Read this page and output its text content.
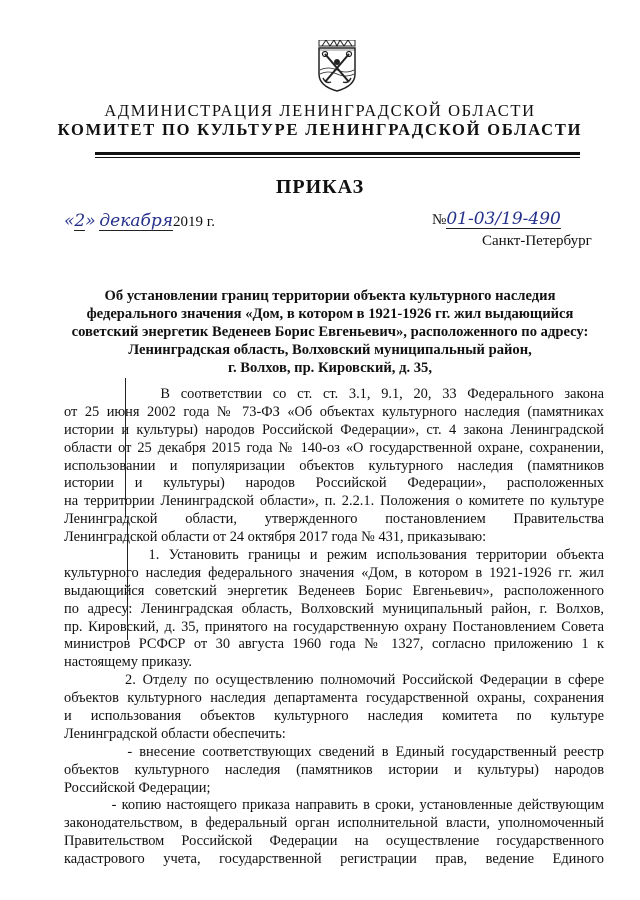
АДМИНИСТРАЦИЯ ЛЕНИНГРАДСКОЙ ОБЛАСТИ
КОМИТЕТ ПО КУЛЬТУРЕ ЛЕНИНГРАДСКОЙ ОБЛАСТИ
ПРИКАЗ
«2» декабря2019 г.	№01-03/19-490
Санкт-Петербург
Об установлении границ территории объекта культурного наследия
федерального значения «Дом, в котором в 1921-1926 гг. жил выдающийся
советский энергетик Веденеев Борис Евгеньевич», расположенного по адресу:
Ленинградская область, Волховский муниципальный район,
г. Волхов, пр. Кировский, д. 35,
В соответствии со ст. ст. 3.1, 9.1, 20, 33 Федерального закона
от 25 июня 2002 года № 73-ФЗ «Об объектах культурного наследия (памятниках
истории и культуры) народов Российской Федерации», ст. 4 закона Ленинградской
области от 25 декабря 2015 года № 140-оз «О государственной охране, сохранении,
использовании и популяризации объектов культурного наследия (памятников
истории и культуры) народов Российской Федерации», расположенных
на территории Ленинградской области», п. 2.2.1. Положения о комитете по культуре
Ленинградской области, утвержденного постановлением Правительства
Ленинградской области от 24 октября 2017 года № 431, приказываю:
1. Установить границы и режим использования территории объекта
культурного наследия федерального значения «Дом, в котором в 1921-1926 гг. жил
выдающийся советский энергетик Веденеев Борис Евгеньевич», расположенного
по адресу: Ленинградская область, Волховский муниципальный район, г. Волхов,
пр. Кировский, д. 35, принятого на государственную охрану Постановлением Совета
министров РСФСР от 30 августа 1960 года № 1327, согласно приложению 1 к
настоящему приказу.
2. Отделу по осуществлению полномочий Российской Федерации в сфере
объектов культурного наследия департамента государственной охраны, сохранения
и использования объектов культурного наследия комитета по культуре
Ленинградской области обеспечить:
- внесение соответствующих сведений в Единый государственный реестр
объектов культурного наследия (памятников истории и культуры) народов
Российской Федерации;
- копию настоящего приказа направить в сроки, установленные действующим
законодательством, в федеральный орган исполнительной власти, уполномоченный
Правительством Российской Федерации на осуществление государственного
кадастрового учета, государственной регистрации прав, ведение Единого
